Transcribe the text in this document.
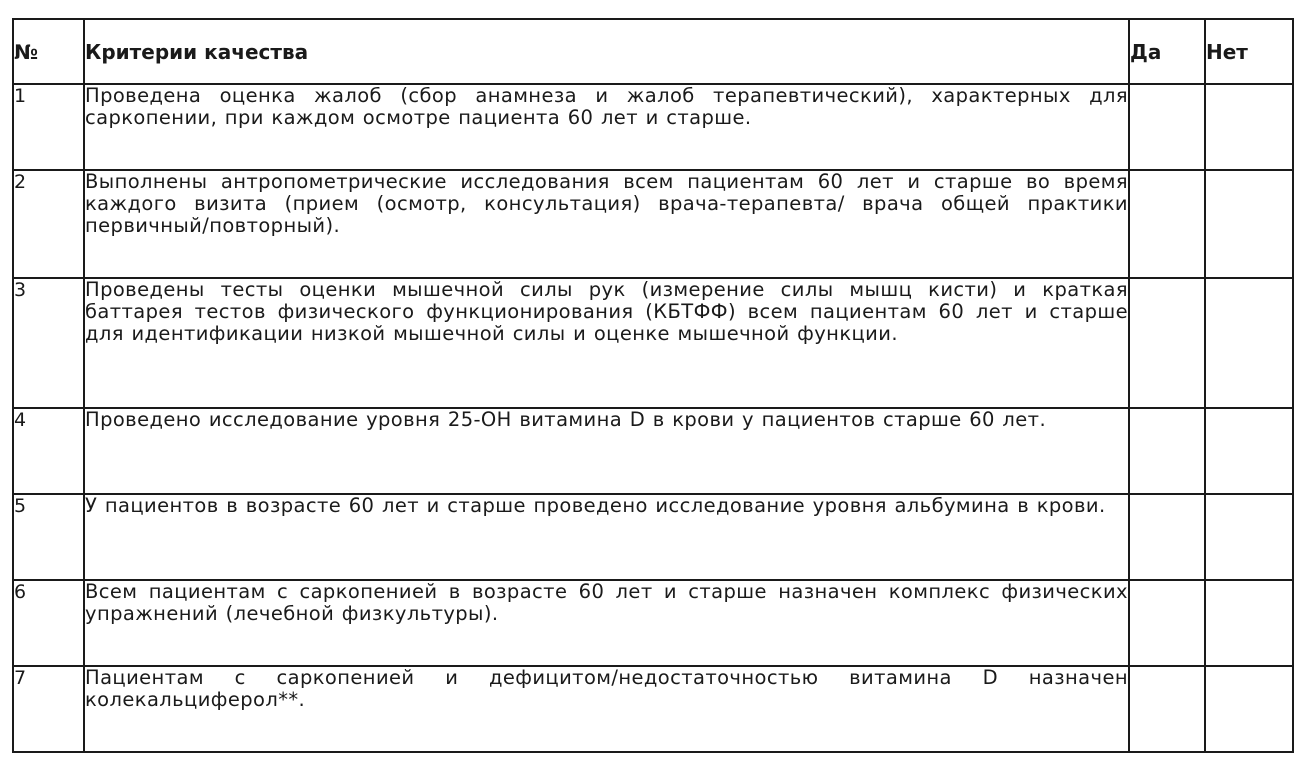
№	Критерии качества	Да	Нет
1	Проведена оценка жалоб (сбор анамнеза и жалоб терапевтический), характерных для саркопении, при каждом осмотре пациента 60 лет и старше.		
2	Выполнены антропометрические исследования всем пациентам 60 лет и старше во время каждого визита (прием (осмотр, консультация) врача-терапевта/ врача общей практики первичный/повторный).		
3	Проведены тесты оценки мышечной силы рук (измерение силы мышц кисти) и краткая баттарея тестов физического функционирования (КБТФФ) всем пациентам 60 лет и старше для идентификации низкой мышечной силы и оценке мышечной функции.		
4	Проведено исследование уровня 25-ОН витамина D в крови у пациентов старше 60 лет.		
5	У пациентов в возрасте 60 лет и старше проведено исследование уровня альбумина в крови.		
6	Всем пациентам с саркопенией в возрасте 60 лет и старше назначен комплекс физических упражнений (лечебной физкультуры).		
7	Пациентам с саркопенией и дефицитом/недостаточностью витамина D назначен колекальциферол**.		
